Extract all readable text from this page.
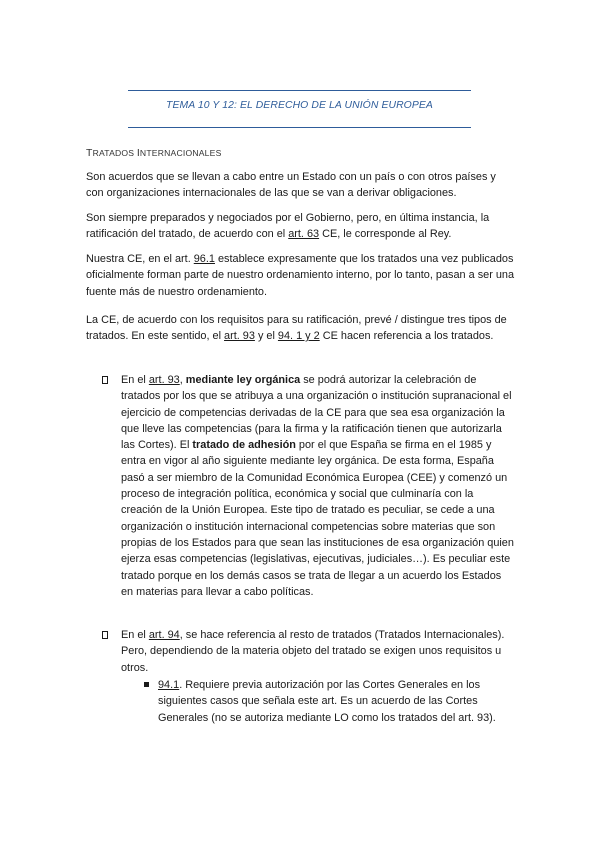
TEMA 10 Y 12: EL DERECHO DE LA UNIÓN EUROPEA
TRATADOS INTERNACIONALES
Son acuerdos que se llevan a cabo entre un Estado con un país o con otros países y con organizaciones internacionales de las que se van a derivar obligaciones.
Son siempre preparados y negociados por el Gobierno, pero, en última instancia, la ratificación del tratado, de acuerdo con el art. 63 CE, le corresponde al Rey.
Nuestra CE, en el art. 96.1 establece expresamente que los tratados una vez publicados oficialmente forman parte de nuestro ordenamiento interno, por lo tanto, pasan a ser una fuente más de nuestro ordenamiento.
La CE, de acuerdo con los requisitos para su ratificación, prevé / distingue tres tipos de tratados. En este sentido, el art. 93 y el 94. 1 y 2 CE hacen referencia a los tratados.
En el art. 93, mediante ley orgánica se podrá autorizar la celebración de tratados por los que se atribuya a una organización o institución supranacional el ejercicio de competencias derivadas de la CE para que sea esa organización la que lleve las competencias (para la firma y la ratificación tienen que autorizarla las Cortes). El tratado de adhesión por el que España se firma en el 1985 y entra en vigor al año siguiente mediante ley orgánica. De esta forma, España pasó a ser miembro de la Comunidad Económica Europea (CEE) y comenzó un proceso de integración política, económica y social que culminaría con la creación de la Unión Europea. Este tipo de tratado es peculiar, se cede a una organización o institución internacional competencias sobre materias que son propias de los Estados para que sean las instituciones de esa organización quien ejerza esas competencias (legislativas, ejecutivas, judiciales…). Es peculiar este tratado porque en los demás casos se trata de llegar a un acuerdo los Estados en materias para llevar a cabo políticas.
En el art. 94, se hace referencia al resto de tratados (Tratados Internacionales). Pero, dependiendo de la materia objeto del tratado se exigen unos requisitos u otros.
94.1. Requiere previa autorización por las Cortes Generales en los siguientes casos que señala este art. Es un acuerdo de las Cortes Generales (no se autoriza mediante LO como los tratados del art. 93).
